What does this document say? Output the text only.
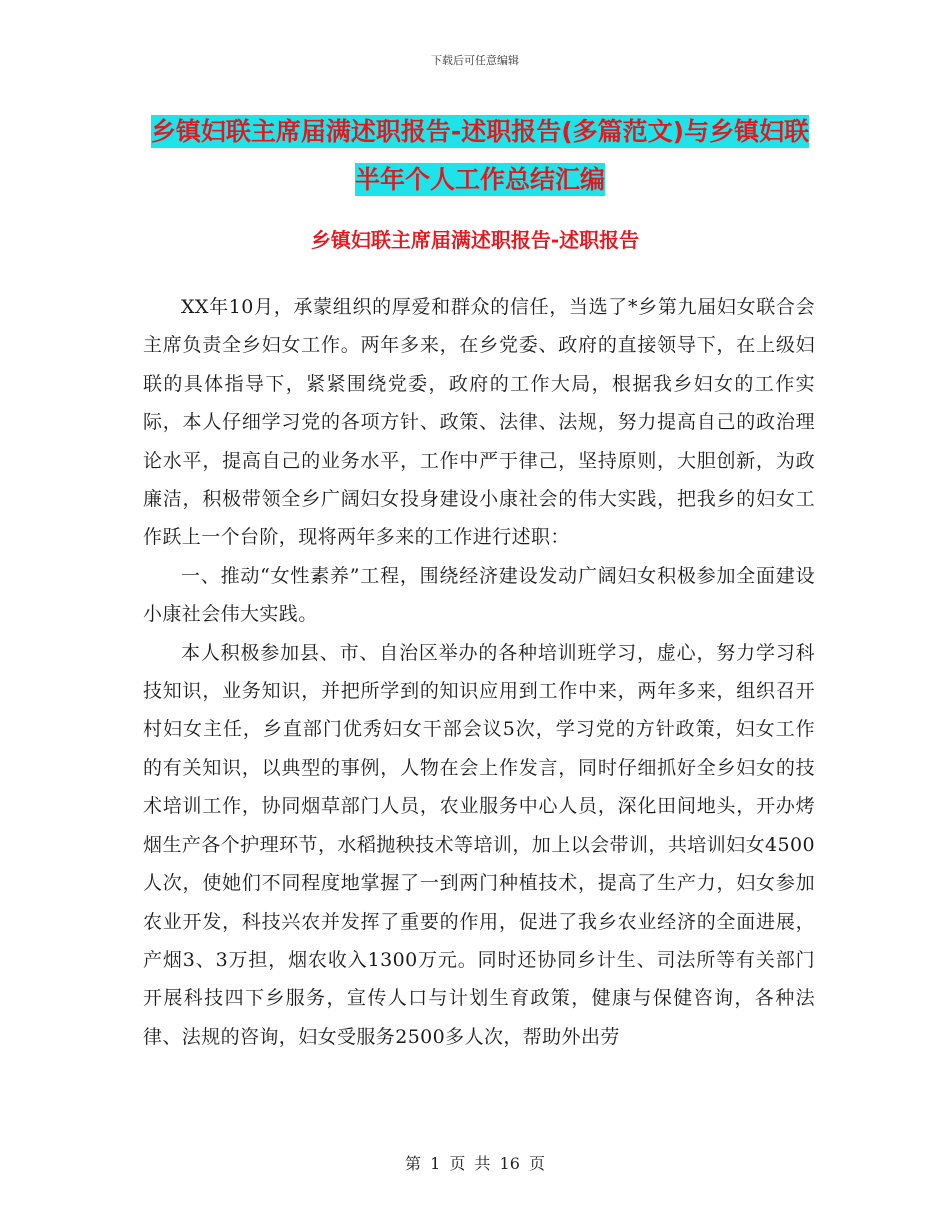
下载后可任意编辑
乡镇妇联主席届满述职报告-述职报告(多篇范文)与乡镇妇联半年个人工作总结汇编
乡镇妇联主席届满述职报告-述职报告

XX年10月，承蒙组织的厚爱和群众的信任，当选了*乡第九届妇女联合会主席负责全乡妇女工作。两年多来，在乡党委、政府的直接领导下，在上级妇联的具体指导下，紧紧围绕党委，政府的工作大局，根据我乡妇女的工作实际，本人仔细学习党的各项方针、政策、法律、法规，努力提高自己的政治理论水平，提高自己的业务水平，工作中严于律己，坚持原则，大胆创新，为政廉洁，积极带领全乡广阔妇女投身建设小康社会的伟大实践，把我乡的妇女工作跃上一个台阶，现将两年多来的工作进行述职：

一、推动“女性素养”工程，围绕经济建设发动广阔妇女积极参加全面建设小康社会伟大实践。

本人积极参加县、市、自治区举办的各种培训班学习，虚心，努力学习科技知识，业务知识，并把所学到的知识应用到工作中来，两年多来，组织召开村妇女主任，乡直部门优秀妇女干部会议5次，学习党的方针政策，妇女工作的有关知识，以典型的事例，人物在会上作发言，同时仔细抓好全乡妇女的技术培训工作，协同烟草部门人员，农业服务中心人员，深化田间地头，开办烤烟生产各个护理环节，水稻抛秧技术等培训，加上以会带训，共培训妇女4500人次，使她们不同程度地掌握了一到两门种植技术，提高了生产力，妇女参加农业开发，科技兴农并发挥了重要的作用，促进了我乡农业经济的全面进展，产烟3、3万担，烟农收入1300万元。同时还协同乡计生、司法所等有关部门开展科技四下乡服务，宣传人口与计划生育政策，健康与保健咨询，各种法律、法规的咨询，妇女受服务2500多人次，帮助外出劳

第 1 页 共 16 页
